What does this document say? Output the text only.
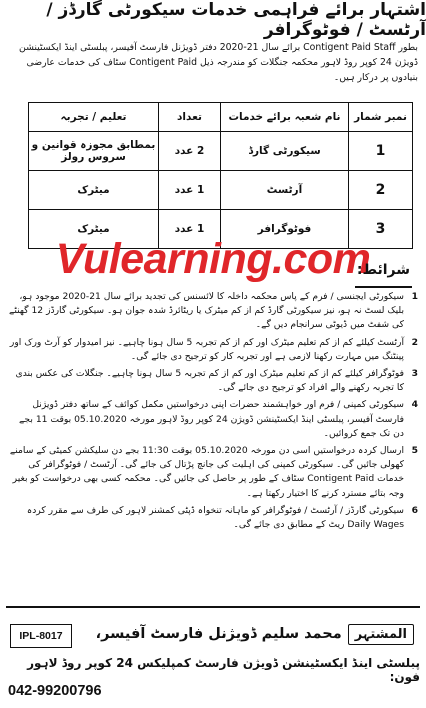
اشتہار برائے فراہمی خدمات سیکورٹی گارڈز / آرٹسٹ / فوٹوگرافر
بطور Contigent Paid Staff برائے سال 21-2020 دفتر ڈویژنل فارسٹ آفیسر، پبلسٹی اینڈ ایکسٹینشن ڈویژن 24 کوپر روڈ لاہور محکمہ جنگلات کو مندرجہ ذیل Contigent Paid سٹاف کی خدمات عارضی بنیادوں پر درکار ہیں۔
نمبر شمار	نام شعبہ برائے خدمات	تعداد	تعلیم / تجربہ
1	سیکورٹی گارڈ	2 عدد	بمطابق مجوزہ قوانین و سروس رولز
2	آرٹسٹ	1 عدد	میٹرک
3	فوٹوگرافر	1 عدد	میٹرک
Vulearning.com
شرائط:
1
سیکورٹی ایجنسی / فرم کے پاس محکمہ داخلہ کا لائسنس کی تجدید برائے سال 21-2020 موجود ہو، بلیک لسٹ نہ ہو، نیز سیکورٹی گارڈ کم از کم میٹرک یا ریٹائرڈ شدہ جوان ہو۔ سیکورٹی گارڈز 12 گھنٹے کی شفٹ میں ڈیوٹی سرانجام دیں گے۔
2
آرٹسٹ کیلئے کم از کم تعلیم میٹرک اور کم از کم تجربہ 5 سال ہونا چاہیے۔ نیز امیدوار کو آرٹ ورک اور پینٹنگ میں مہارت رکھنا لازمی ہے اور تجربہ کار کو ترجیح دی جائے گی۔
3
فوٹوگرافر کیلئے کم از کم تعلیم میٹرک اور کم از کم تجربہ 5 سال ہونا چاہیے۔ جنگلات کی عکس بندی کا تجربہ رکھنے والے افراد کو ترجیح دی جائے گی۔
4
سیکورٹی کمپنی / فرم اور خواہشمند حضرات اپنی درخواستیں مکمل کوائف کے ساتھ دفتر ڈویژنل فارسٹ آفیسر، پبلسٹی اینڈ ایکسٹینشن ڈویژن 24 کوپر روڈ لاہور مورخہ 05.10.2020 بوقت 11 بجے دن تک جمع کروائیں۔
5
ارسال کردہ درخواستیں اسی دن مورخہ 05.10.2020 بوقت 11:30 بجے دن سلیکشن کمیٹی کے سامنے کھولی جائیں گی۔ سیکورٹی کمپنی کی اہلیت کی جانچ پڑتال کی جائے گی۔ آرٹسٹ / فوٹوگرافر کی خدمات Contigent Paid سٹاف کے طور پر حاصل کی جائیں گی۔ محکمہ کسی بھی درخواست کو بغیر وجہ بتائے مسترد کرنے کا اختیار رکھتا ہے۔
6
سیکورٹی گارڈز / آرٹسٹ / فوٹوگرافر کو ماہانہ تنخواہ ڈپٹی کمشنر لاہور کی طرف سے مقرر کردہ Daily Wages ریٹ کے مطابق دی جائے گی۔
IPL-8017	المشتہر
محمد سلیم ڈویژنل فارسٹ آفیسر،
پبلسٹی اینڈ ایکسٹینشن ڈویژن فارسٹ کمپلیکس 24 کوپر روڈ لاہور فون:
042-99200796
